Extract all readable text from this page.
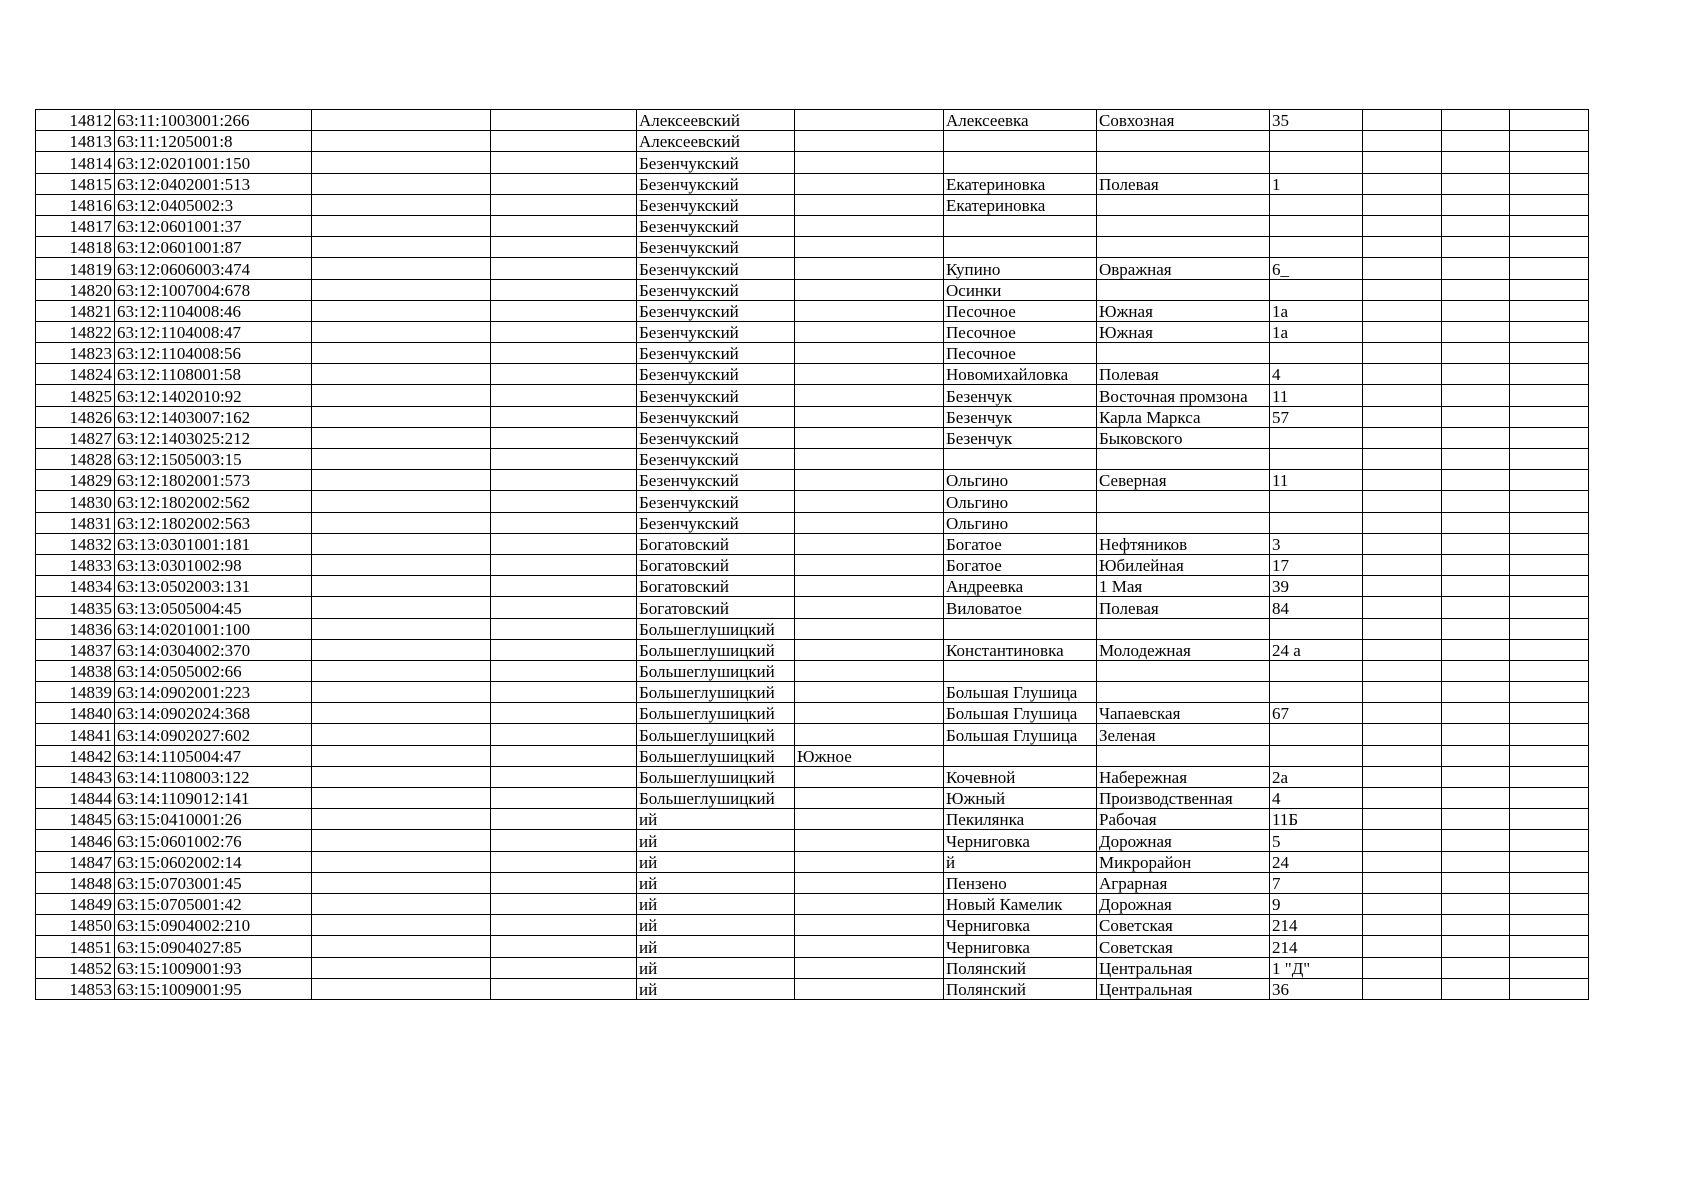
14812	63:11:1003001:266			Алексеевский		Алексеевка	Совхозная	35			
14813	63:11:1205001:8			Алексеевский							
14814	63:12:0201001:150			Безенчукский							
14815	63:12:0402001:513			Безенчукский		Екатериновка	Полевая	1			
14816	63:12:0405002:3			Безенчукский		Екатериновка					
14817	63:12:0601001:37			Безенчукский							
14818	63:12:0601001:87			Безенчукский							
14819	63:12:0606003:474			Безенчукский		Купино	Овражная	6_			
14820	63:12:1007004:678			Безенчукский		Осинки					
14821	63:12:1104008:46			Безенчукский		Песочное	Южная	1а			
14822	63:12:1104008:47			Безенчукский		Песочное	Южная	1а			
14823	63:12:1104008:56			Безенчукский		Песочное					
14824	63:12:1108001:58			Безенчукский		Новомихайловка	Полевая	4			
14825	63:12:1402010:92			Безенчукский		Безенчук	Восточная промзона	11			
14826	63:12:1403007:162			Безенчукский		Безенчук	Карла Маркса	57			
14827	63:12:1403025:212			Безенчукский		Безенчук	Быковского				
14828	63:12:1505003:15			Безенчукский							
14829	63:12:1802001:573			Безенчукский		Ольгино	Северная	11			
14830	63:12:1802002:562			Безенчукский		Ольгино					
14831	63:12:1802002:563			Безенчукский		Ольгино					
14832	63:13:0301001:181			Богатовский		Богатое	Нефтяников	3			
14833	63:13:0301002:98			Богатовский		Богатое	Юбилейная	17			
14834	63:13:0502003:131			Богатовский		Андреевка	1 Мая	39			
14835	63:13:0505004:45			Богатовский		Виловатое	Полевая	84			
14836	63:14:0201001:100			Большеглушицкий							
14837	63:14:0304002:370			Большеглушицкий		Константиновка	Молодежная	24 а			
14838	63:14:0505002:66			Большеглушицкий							
14839	63:14:0902001:223			Большеглушицкий		Большая Глушица					
14840	63:14:0902024:368			Большеглушицкий		Большая Глушица	Чапаевская	67			
14841	63:14:0902027:602			Большеглушицкий		Большая Глушица	Зеленая				
14842	63:14:1105004:47			Большеглушицкий	Южное						
14843	63:14:1108003:122			Большеглушицкий		Кочевной	Набережная	2а			
14844	63:14:1109012:141			Большеглушицкий		Южный	Производственная	4			
14845	63:15:0410001:26			ий		Пекилянка	Рабочая	11Б			
14846	63:15:0601002:76			ий		Черниговка	Дорожная	5			
14847	63:15:0602002:14			ий		й	Микрорайон	24			
14848	63:15:0703001:45			ий		Пензено	Аграрная	7			
14849	63:15:0705001:42			ий		Новый Камелик	Дорожная	9			
14850	63:15:0904002:210			ий		Черниговка	Советская	214			
14851	63:15:0904027:85			ий		Черниговка	Советская	214			
14852	63:15:1009001:93			ий		Полянский	Центральная	1 "Д"			
14853	63:15:1009001:95			ий		Полянский	Центральная	36			
